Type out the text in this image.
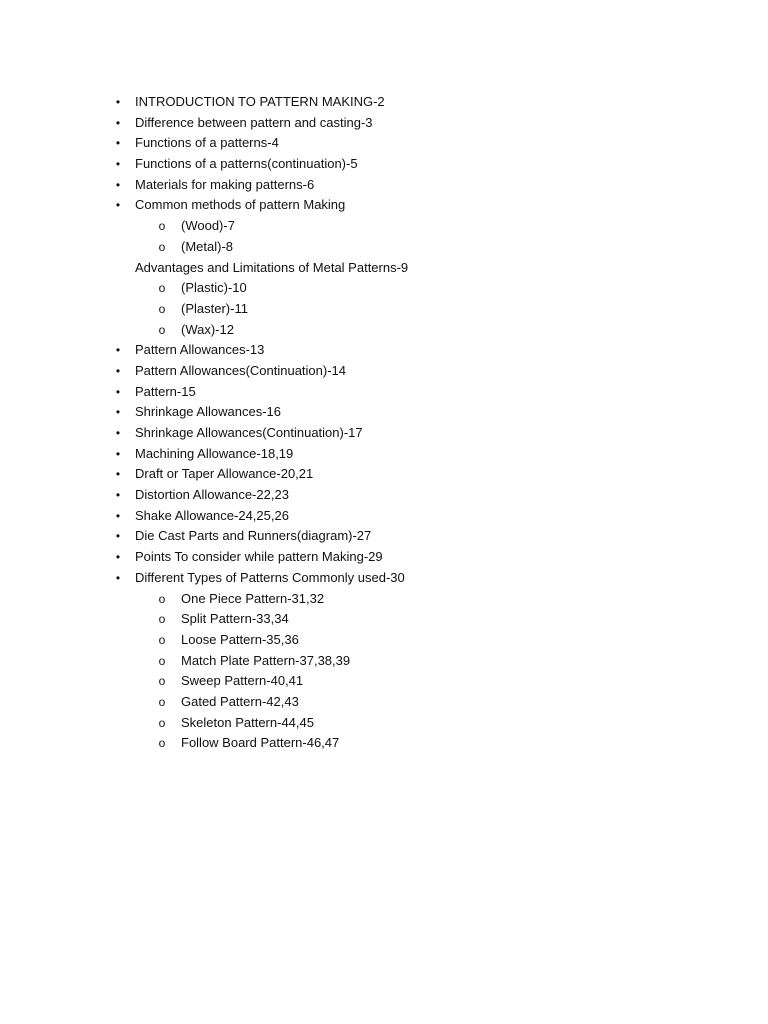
•	INTRODUCTION TO PATTERN MAKING-2
•	Difference between pattern and casting-3
•	Functions of a patterns-4
•	Functions of a patterns(continuation)-5
•	Materials for making patterns-6
•	Common methods of pattern Making
o (Wood)-7
o (Metal)-8
Advantages and Limitations of Metal Patterns-9
o (Plastic)-10
o (Plaster)-11
o (Wax)-12
•	Pattern Allowances-13
•	Pattern Allowances(Continuation)-14
•	Pattern-15
•	Shrinkage Allowances-16
•	Shrinkage Allowances(Continuation)-17
•	Machining Allowance-18,19
•	Draft or Taper Allowance-20,21
•	Distortion Allowance-22,23
•	Shake Allowance-24,25,26
•	Die Cast Parts and Runners(diagram)-27
•	Points To consider while pattern Making-29
•	Different Types of Patterns Commonly used-30
o One Piece Pattern-31,32
o Split Pattern-33,34
o Loose Pattern-35,36
o Match Plate Pattern-37,38,39
o Sweep Pattern-40,41
o Gated Pattern-42,43
o Skeleton Pattern-44,45
o Follow Board Pattern-46,47
